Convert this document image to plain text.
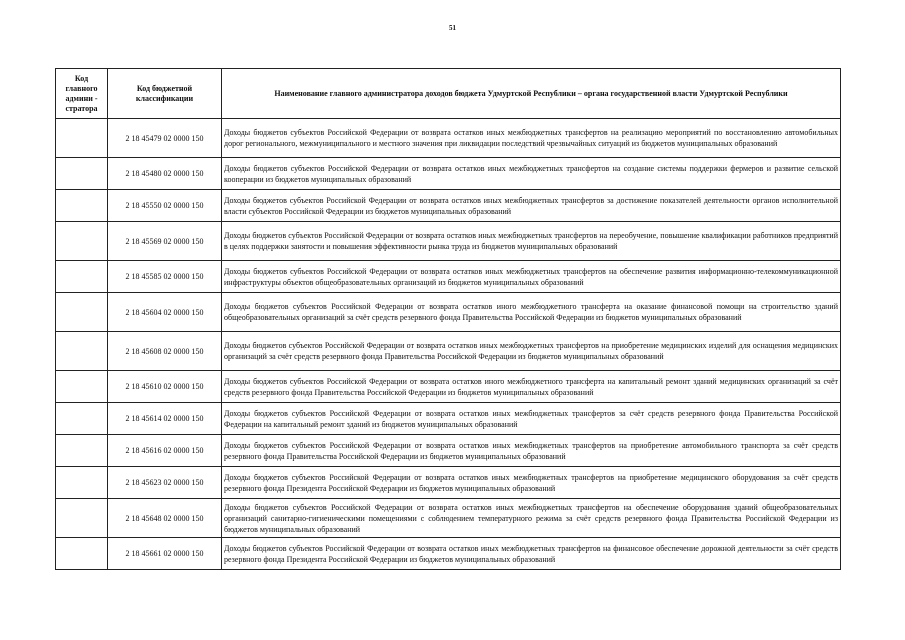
51
Код главного админи - стратора	Код бюджетной классификации	Наименование главного администратора доходов бюджета Удмуртской Республики – органа государственной власти Удмуртской Республики
	2 18 45479 02 0000 150	Доходы бюджетов субъектов Российской Федерации от возврата остатков иных межбюджетных трансфертов на реализацию мероприятий по восстановлению автомобильных дорог регионального, межмуниципального и местного значения при ликвидации последствий чрезвычайных ситуаций из бюджетов муниципальных образований
	2 18 45480 02 0000 150	Доходы бюджетов субъектов Российской Федерации от возврата остатков иных межбюджетных трансфертов на создание системы поддержки фермеров и развитие сельской кооперации из бюджетов муниципальных образований
	2 18 45550 02 0000 150	Доходы бюджетов субъектов Российской Федерации от возврата остатков иных межбюджетных трансфертов за достижение показателей деятельности органов исполнительной власти субъектов Российской Федерации из бюджетов муниципальных образований
	2 18 45569 02 0000 150	Доходы бюджетов субъектов Российской Федерации от возврата остатков иных межбюджетных трансфертов на переобучение, повышение квалификации работников предприятий в целях поддержки занятости и повышения эффективности рынка труда из бюджетов муниципальных образований
	2 18 45585 02 0000 150	Доходы бюджетов субъектов Российской Федерации от возврата остатков иных межбюджетных трансфертов на обеспечение развития информационно-телекоммуникационной инфраструктуры объектов общеобразовательных организаций из бюджетов муниципальных образований
	2 18 45604 02 0000 150	Доходы бюджетов субъектов Российской Федерации от возврата остатков иного межбюджетного трансферта на оказание финансовой помощи на строительство зданий общеобразовательных организаций за счёт средств резервного фонда Правительства Российской Федерации из бюджетов муниципальных образований
	2 18 45608 02 0000 150	Доходы бюджетов субъектов Российской Федерации от возврата остатков иных межбюджетных трансфертов на приобретение медицинских изделий для оснащения медицинских организаций за счёт средств резервного фонда Правительства Российской Федерации из бюджетов муниципальных образований
	2 18 45610 02 0000 150	Доходы бюджетов субъектов Российской Федерации от возврата остатков иного межбюджетного трансферта на капитальный ремонт зданий медицинских организаций за счёт средств резервного фонда Правительства Российской Федерации из бюджетов муниципальных образований
	2 18 45614 02 0000 150	Доходы бюджетов субъектов Российской Федерации от возврата остатков иных межбюджетных трансфертов за счёт средств резервного фонда Правительства Российской Федерации на капитальный ремонт зданий из бюджетов муниципальных образований
	2 18 45616 02 0000 150	Доходы бюджетов субъектов Российской Федерации от возврата остатков иных межбюджетных трансфертов на приобретение автомобильного транспорта за счёт средств резервного фонда Правительства Российской Федерации из бюджетов муниципальных образований
	2 18 45623 02 0000 150	Доходы бюджетов субъектов Российской Федерации от возврата остатков иных межбюджетных трансфертов на приобретение медицинского оборудования за счёт средств резервного фонда Президента Российской Федерации из бюджетов муниципальных образований
	2 18 45648 02 0000 150	Доходы бюджетов субъектов Российской Федерации от возврата остатков иных межбюджетных трансфертов на обеспечение оборудования зданий общеобразовательных организаций санитарно-гигиеническими помещениями с соблюдением температурного режима за счёт средств резервного фонда Правительства Российской Федерации из бюджетов муниципальных образований
	2 18 45661 02 0000 150	Доходы бюджетов субъектов Российской Федерации от возврата остатков иных межбюджетных трансфертов на финансовое обеспечение дорожной деятельности за счёт средств резервного фонда Президента Российской Федерации из бюджетов муниципальных образований
